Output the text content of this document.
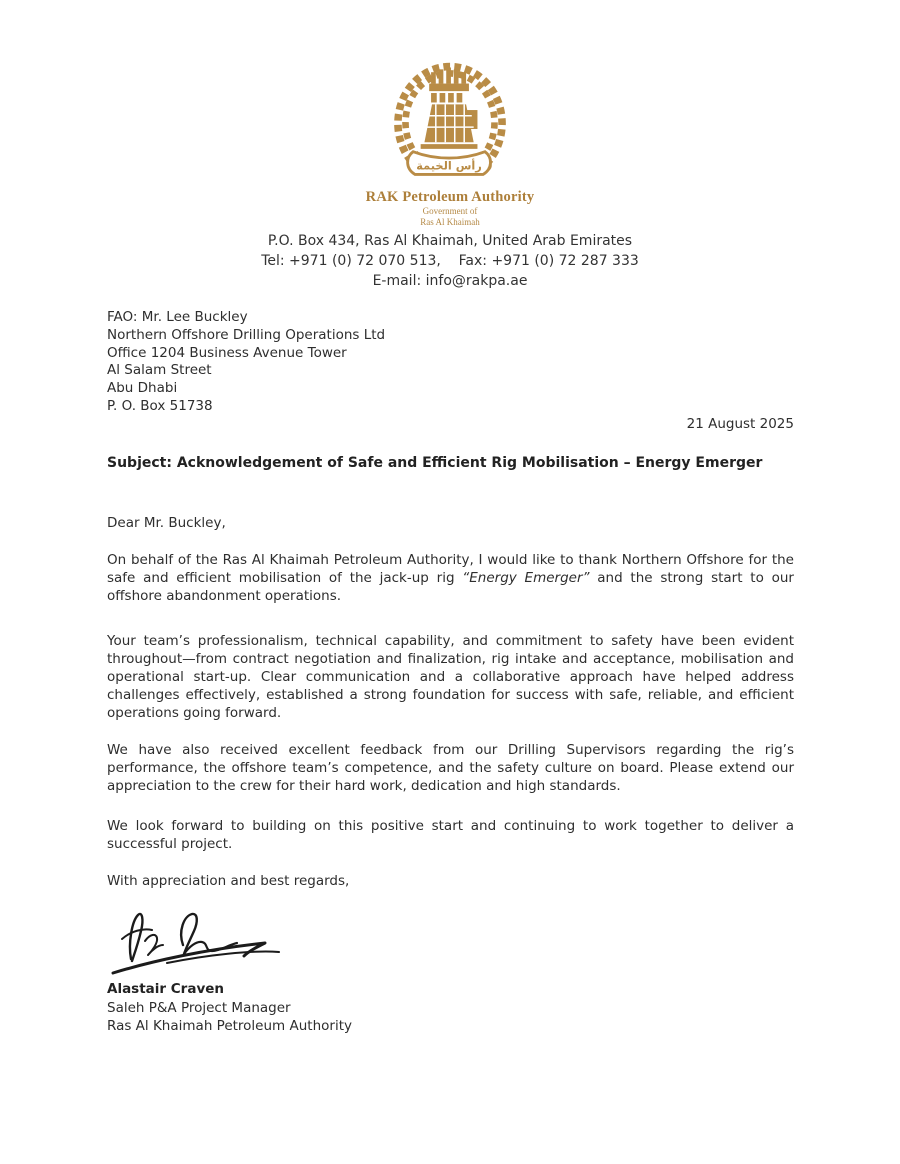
رأس الخيمة
RAK Petroleum Authority
Government of
Ras Al Khaimah
P.O. Box 434, Ras Al Khaimah, United Arab Emirates
Tel: +971 (0) 72 070 513,    Fax: +971 (0) 72 287 333
E-mail: info@rakpa.ae
FAO: Mr. Lee Buckley
Northern Offshore Drilling Operations Ltd
Office 1204 Business Avenue Tower
Al Salam Street
Abu Dhabi
P. O. Box 51738
21 August 2025
Subject: Acknowledgement of Safe and Efficient Rig Mobilisation – Energy Emerger
Dear Mr. Buckley,
On behalf of the Ras Al Khaimah Petroleum Authority, I would like to thank Northern Offshore for the safe and efficient mobilisation of the jack-up rig “Energy Emerger” and the strong start to our offshore abandonment operations.
Your team’s professionalism, technical capability, and commitment to safety have been evident throughout—from contract negotiation and finalization, rig intake and acceptance, mobilisation and operational start-up. Clear communication and a collaborative approach have helped address challenges effectively, established a strong foundation for success with safe, reliable, and efficient operations going forward.
We have also received excellent feedback from our Drilling Supervisors regarding the rig’s performance, the offshore team’s competence, and the safety culture on board. Please extend our appreciation to the crew for their hard work, dedication and high standards.
We look forward to building on this positive start and continuing to work together to deliver a successful project.
With appreciation and best regards,
Alastair Craven
Saleh P&A Project Manager
Ras Al Khaimah Petroleum Authority
